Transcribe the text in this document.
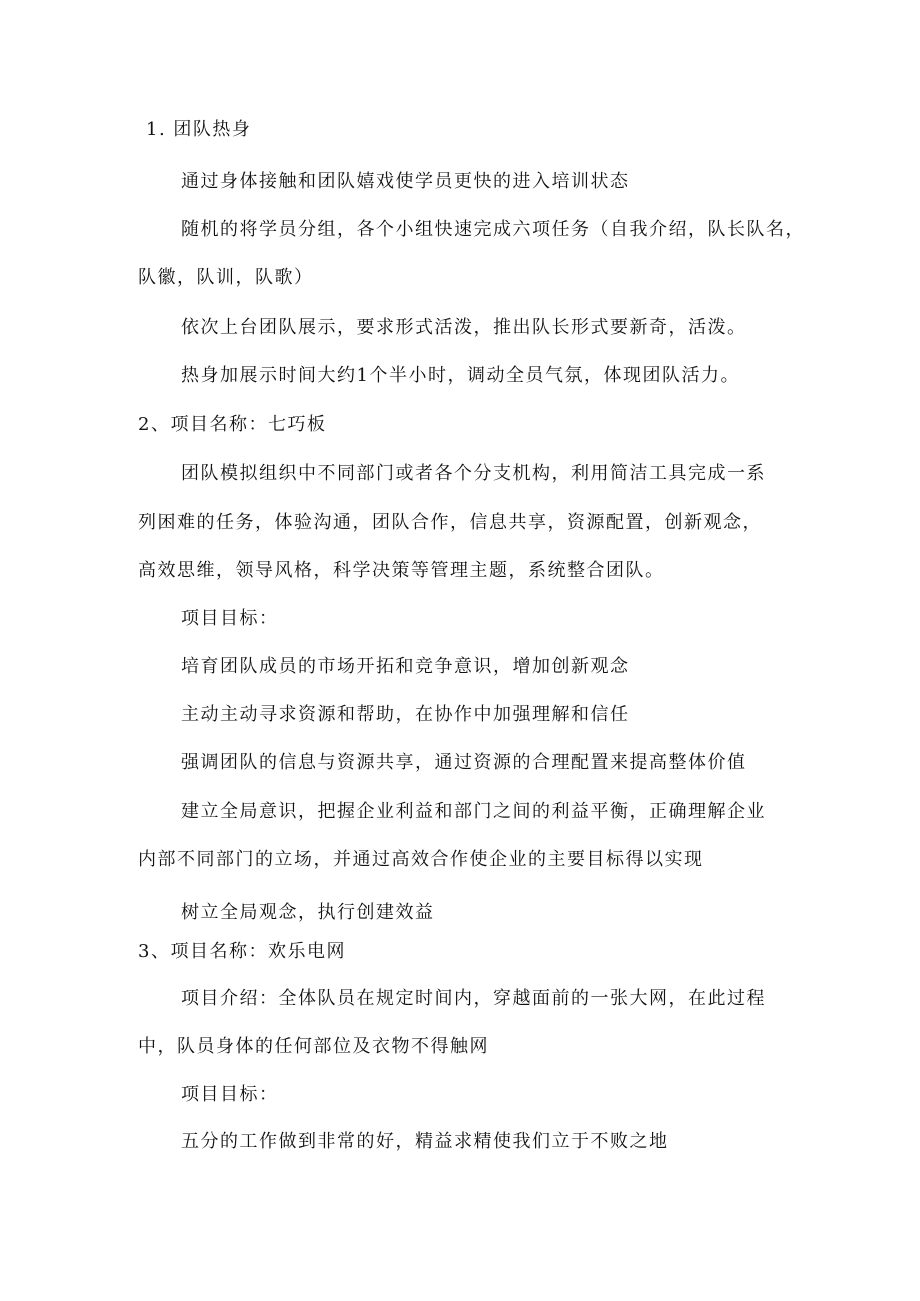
1. 团队热身
通过身体接触和团队嬉戏使学员更快的进入培训状态
随机的将学员分组，各个小组快速完成六项任务（自我介绍，队长队名，
队徽，队训，队歌）
依次上台团队展示，要求形式活泼，推出队长形式要新奇，活泼。
热身加展示时间大约1个半小时，调动全员气氛，体现团队活力。
2、项目名称：七巧板
团队模拟组织中不同部门或者各个分支机构，利用简洁工具完成一系
列困难的任务，体验沟通，团队合作，信息共享，资源配置，创新观念，
高效思维，领导风格，科学决策等管理主题，系统整合团队。
项目目标：
培育团队成员的市场开拓和竞争意识，增加创新观念
主动主动寻求资源和帮助，在协作中加强理解和信任
强调团队的信息与资源共享，通过资源的合理配置来提高整体价值
建立全局意识，把握企业利益和部门之间的利益平衡，正确理解企业
内部不同部门的立场，并通过高效合作使企业的主要目标得以实现
树立全局观念，执行创建效益
3、项目名称：欢乐电网
项目介绍：全体队员在规定时间内，穿越面前的一张大网，在此过程
中，队员身体的任何部位及衣物不得触网
项目目标：
五分的工作做到非常的好，精益求精使我们立于不败之地
